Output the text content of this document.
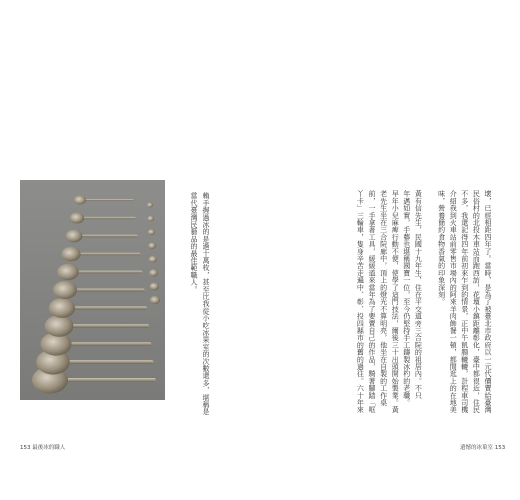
153 最後冰的職人
賴手握過冰的是過十萬枚，甚至比我從小吃冰果室的次數還多，堪稱是
當代臺灣民藝品的最佳範職人。	壞，已經相距四年了。當時，是為了被臺北市政府以一元代價賣給臺灣
民俗村的北投木車站而跑西訪，花壇小鎮距離彰化，臺中都很近，住民
不多，我還記得四年前初來乍到的情景，正中午飢腸轆轆，計程車司機
介紹我到火車站前零售市場內的阿來羊肉飾餐一頓，都閒逛上的在地美
味，營養簡約食物香氣的印象深刻。
黃有信先生，民國十九年生，住在平交道旁三合院的祖居內。不只
年邁如實，手藝也堪稱國寶一位，至今仍堅持手工鑄製冰杓的老職。
早年小兒麻痺行動不便，使學了這門技法，爾後三十出頭開始製業。黃
老先生坐在三合院廊中，頂上的燈光不算明亮，他坐在自製的工作桌
前，一手拿著工具，緩緩道來當年為了要賣自己的作品，騎著腳踏「哐
丫卡」三輪車，隻身辛苦走遍中、彰、投四縣市的舊的過往。六十年來
遺憾的冰菓室 153
